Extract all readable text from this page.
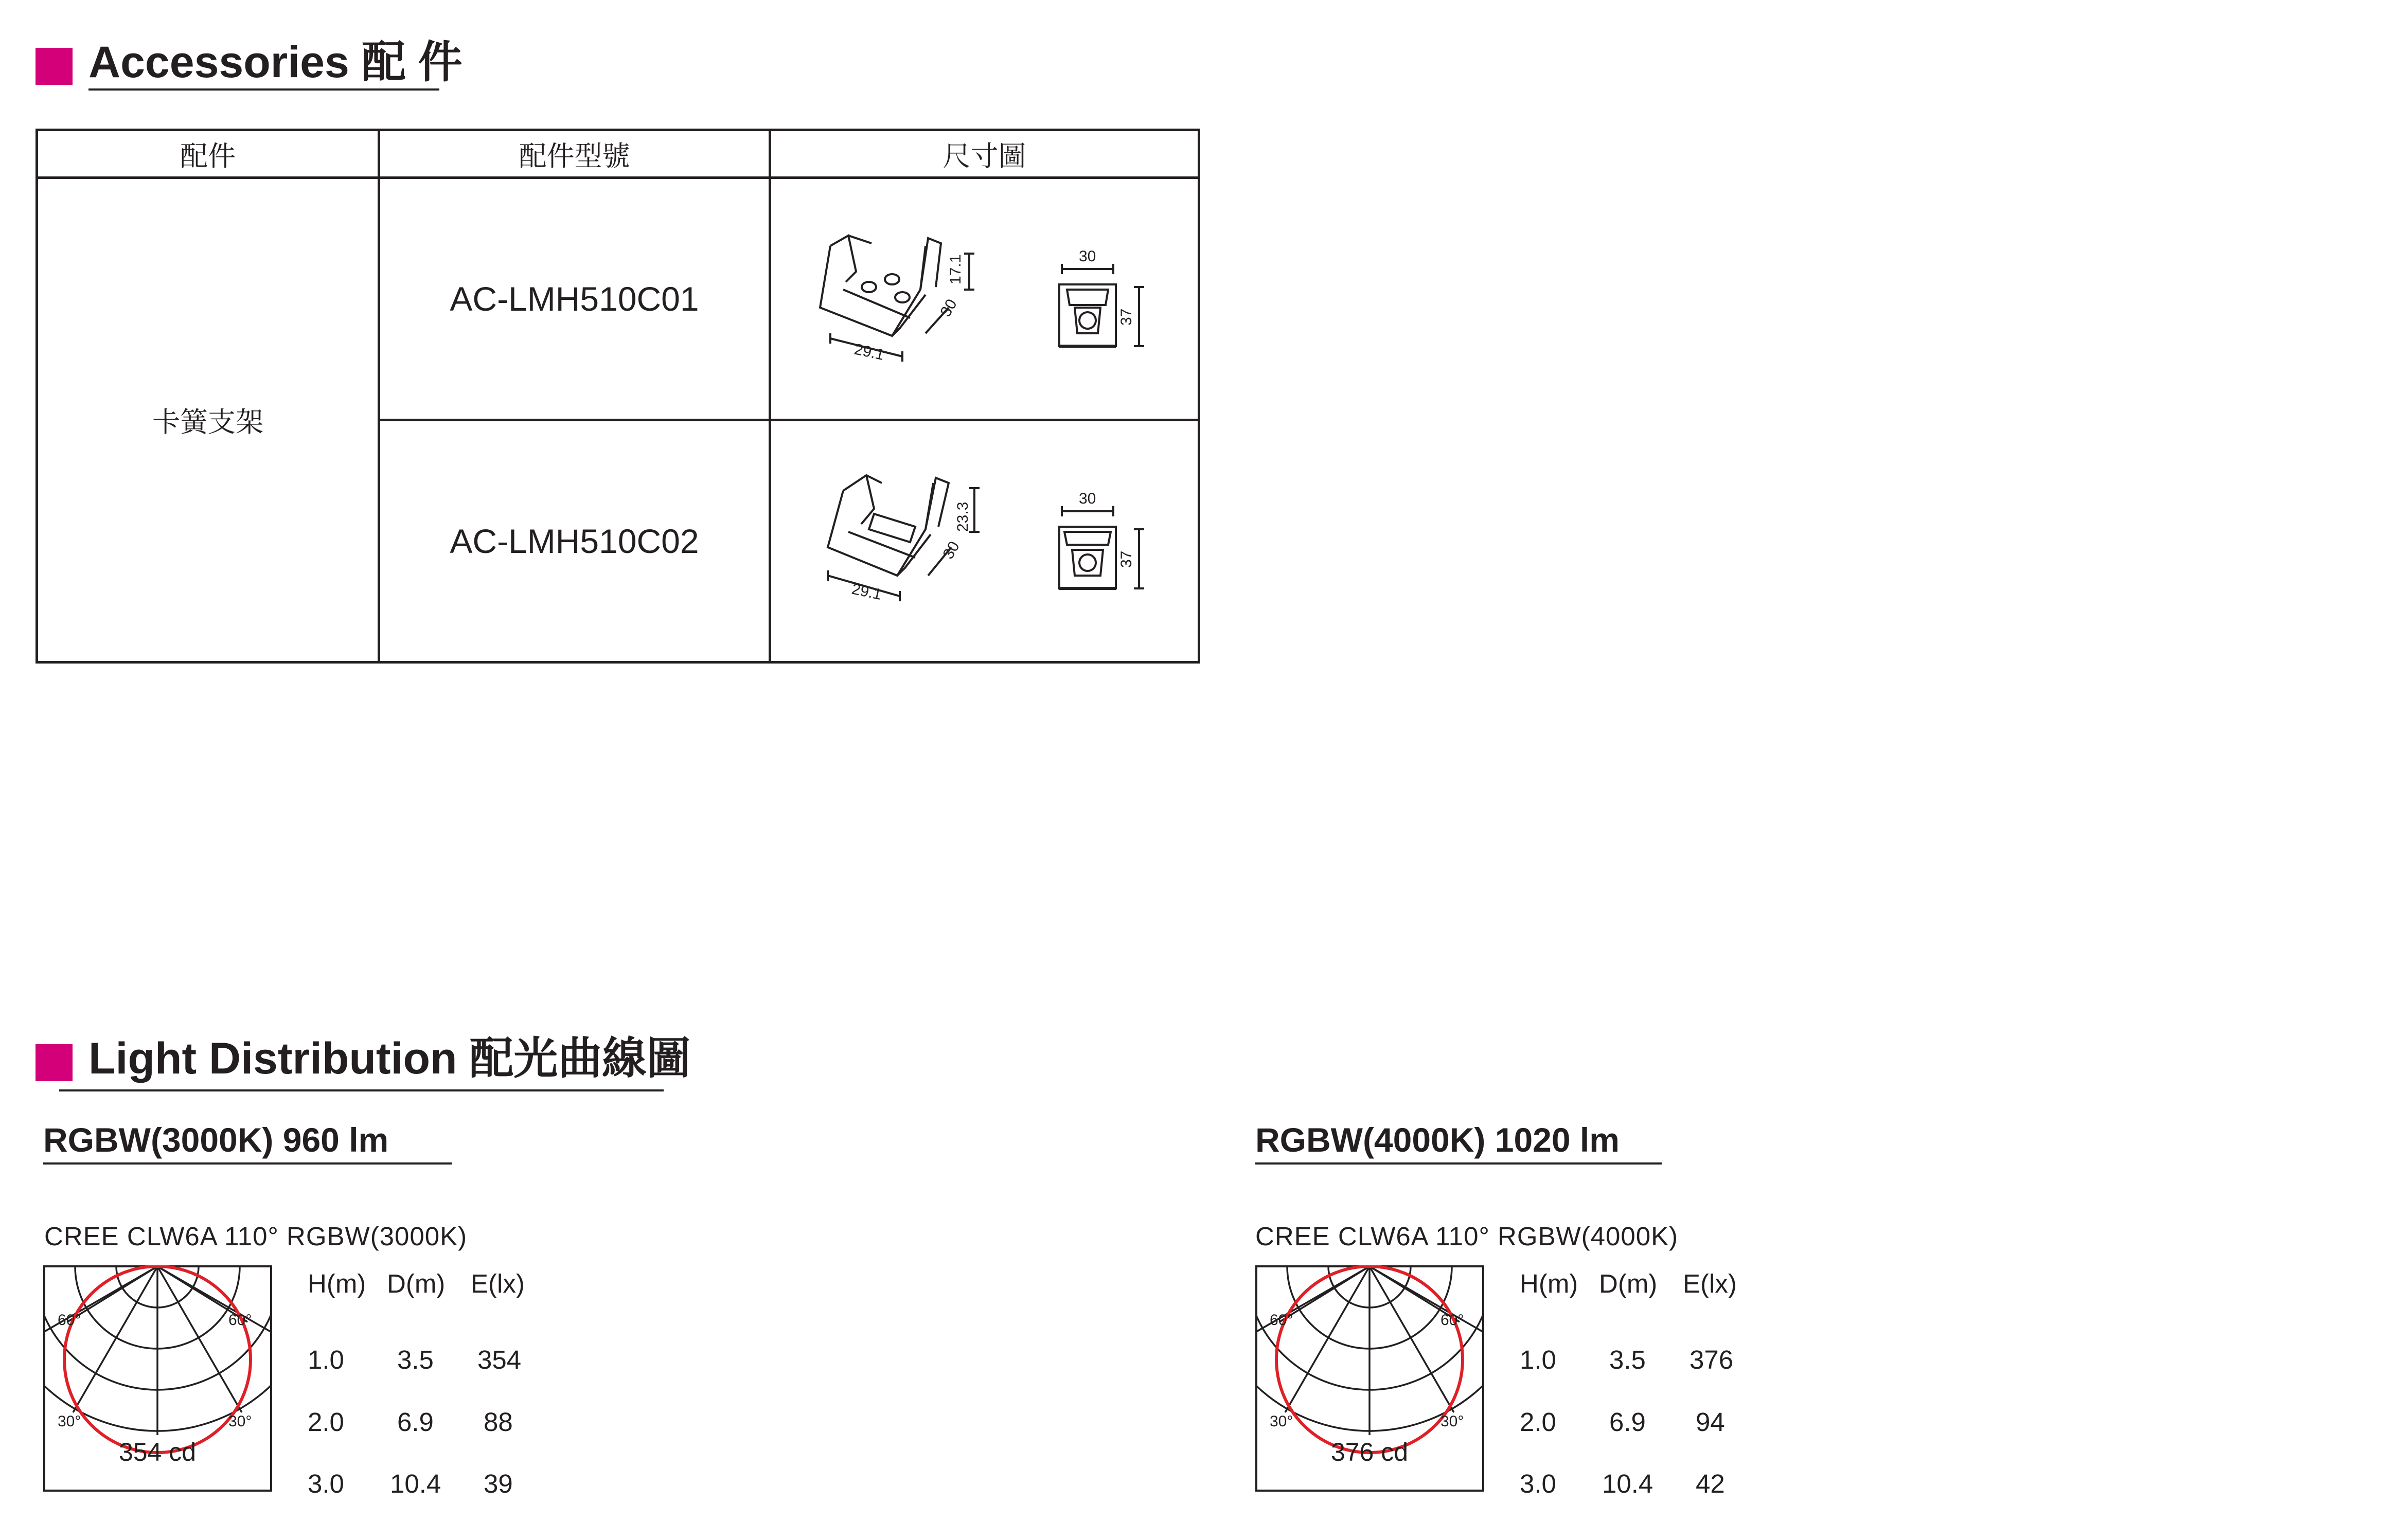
Accessories 配 件
配件	配件型號	尺寸圖
卡簧支架	AC-LMH510C01	29.1
30
17.1 30
37

	AC-LMH510C02	29.1
30
23.3
30
37
Light Distribution 配光曲線圖
RGBW(3000K) 960 lm
CREE CLW6A 110° RGBW(3000K)
60°	60°
30°	30°
354 cd
H(m) D(m) E(lx)
1.0 3.5 354
2.0 6.9 88
3.0 10.4 39
RGBW(4000K) 1020 lm
CREE CLW6A 110° RGBW(4000K)
60°	60°
30°	30°
376 cd
H(m) D(m) E(lx)
1.0 3.5 376
2.0 6.9 94
3.0 10.4 42
